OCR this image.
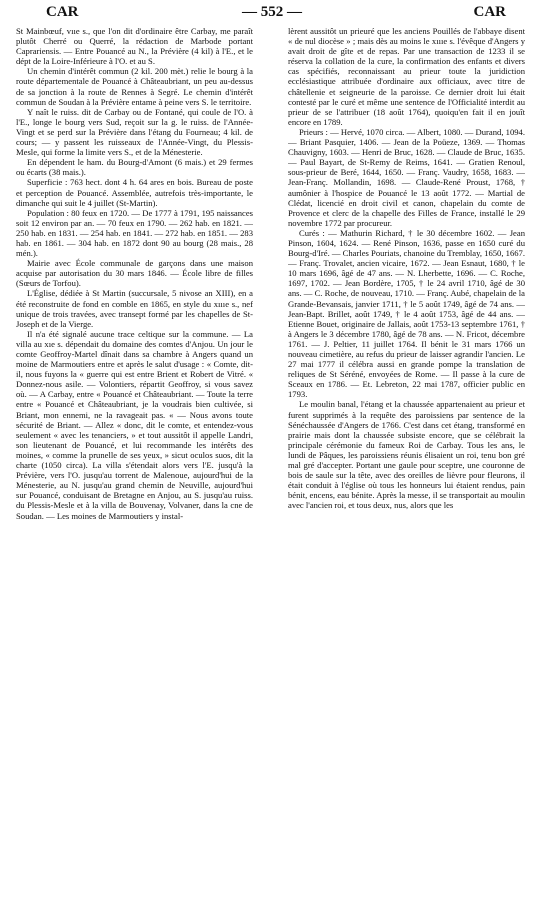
CAR	— 552 —	CAR

St Mainbœuf, vııe s., que l'on dit d'ordinaire être Carbay, me paraît plutôt Cherré ou Querré, la rédaction de Marbode portant Caprariensis. — Entre Pouancé au N., la Prévière (4 kil) à l'E., et le dépt de la Loire-Inférieure à l'O. et au S.

Un chemin d'intérêt commun (2 kil. 200 mèt.) relie le bourg à la route départementale de Pouancé à Châteaubriant, un peu au-dessus de sa jonction à la route de Rennes à Segré. Le chemin d'intérêt commun de Soudan à la Prévière entame à peine vers S. le territoire.

Y naît le ruiss. dit de Carbay ou de Fontané, qui coule de l'O. à l'E., longe le bourg vers Sud, reçoit sur la g. le ruiss. de l'Année-Vingt et se perd sur la Prévière dans l'étang du Fourneau; 4 kil. de cours; — y passent les ruisseaux de l'Année-Vingt, du Plessis-Mesle, qui forme la limite vers S., et de la Ménesterie.

En dépendent le ham. du Bourg-d'Amont (6 mais.) et 29 fermes ou écarts (38 mais.).

Superficie : 763 hect. dont 4 h. 64 ares en bois. Bureau de poste et perception de Pouancé. Assemblée, autrefois très-importante, le dimanche qui suit le 4 juillet (St-Martin).

Population : 80 feux en 1720. — De 1777 à 1791, 195 naissances soit 12 environ par an. — 70 feux en 1790. — 262 hab. en 1821. — 250 hab. en 1831. — 254 hab. en 1841. — 272 hab. en 1851. — 283 hab. en 1861. — 304 hab. en 1872 dont 90 au bourg (28 mais., 28 mén.).

Mairie avec École communale de garçons dans une maison acquise par autorisation du 30 mars 1846. — École libre de filles (Sœurs de Torfou).

L'Église, dédiée à St Martin (succursale, 5 nivose an XIII), en a été reconstruite de fond en comble en 1865, en style du xıııe s., nef unique de trois travées, avec transept formé par les chapelles de St-Joseph et de la Vierge.

Il n'a été signalé aucune trace celtique sur la commune. — La villa au xıe s. dépendait du domaine des comtes d'Anjou. Un jour le comte Geoffroy-Martel dînait dans sa chambre à Angers quand un moine de Marmoutiers entre et après le salut d'usage : « Comte, dit-il, nous fuyons la « guerre qui est entre Brient et Robert de Vitré. « Donnez-nous asile. — Volontiers, répartit Geoffroy, si vous savez où. — A Carbay, entre « Pouancé et Châteaubriant. — Toute la terre entre « Pouancé et Châteaubriant, je la voudrais bien cultivée, si Briant, mon ennemi, ne la ravageait pas. « — Nous avons toute sécurité de Briant. — Allez « donc, dit le comte, et entendez-vous seulement « avec les tenanciers, » et tout aussitôt il appelle Landri, son lieutenant de Pouancé, et lui recommande les intérêts des moines, « comme la prunelle de ses yeux, » sicut oculos suos, dit la charte (1050 circa). La villa s'étendait alors vers l'E. jusqu'à la Prévière, vers l'O. jusqu'au torrent de Malenoue, aujourd'hui de la Ménesterie, au N. jusqu'au grand chemin de Neuville, aujourd'hui sur Pouancé, conduisant de Bretagne en Anjou, au S. jusqu'au ruiss. du Plessis-Mesle et à la villa de Bouvenay, Volvaner, dans la cne de Soudan. — Les moines de Marmoutiers y instal-

lèrent aussitôt un prieuré que les anciens Pouillés de l'abbaye disent « de nul diocèse » ; mais dès au moins le xıııe s. l'évêque d'Angers y avait droit de gîte et de repas. Par une transaction de 1233 il se réserva la collation de la cure, la confirmation des enfants et divers cas spécifiés, reconnaissant au prieur toute la juridiction ecclésiastique attribuée d'ordinaire aux officiaux, avec titre de châtellenie et seigneurie de la paroisse. Ce dernier droit lui était contesté par le curé et même une sentence de l'Officialité interdit au prieur de se l'attribuer (18 août 1764), quoiqu'en fait il en jouît encore en 1789.

Prieurs : — Hervé, 1070 circa. — Albert, 1080. — Durand, 1094. — Briant Pasquier, 1406. — Jean de la Poüeze, 1369. — Thomas Chauvigny, 1603. — Henri de Bruc, 1628. — Claude de Bruc, 1635. — Paul Bayart, de St-Remy de Reims, 1641. — Gratien Renoul, sous-prieur de Beré, 1644, 1650. — Franç. Vaudry, 1658, 1683. — Jean-Franç. Mollandin, 1698. — Claude-René Proust, 1768, † aumônier à l'hospice de Pouancé le 13 août 1772. — Martial de Clédat, licencié en droit civil et canon, chapelain du comte de Provence et clerc de la chapelle des Filles de France, installé le 29 novembre 1772 par procureur.

Curés : — Mathurin Richard, † le 30 décembre 1602. — Jean Pinson, 1604, 1624. — René Pinson, 1636, passe en 1650 curé du Bourg-d'Iré. — Charles Pouriats, chanoine du Tremblay, 1650, 1667. — Franç. Trovalet, ancien vicaire, 1672. — Jean Esnaut, 1680, † le 10 mars 1696, âgé de 47 ans. — N. Lherbette, 1696. — C. Roche, 1697, 1702. — Jean Bordère, 1705, † le 24 avril 1710, âgé de 30 ans. — C. Roche, de nouveau, 1710. — Franç. Aubé, chapelain de la Grande-Bevansais, janvier 1711, † le 5 août 1749, âgé de 74 ans. — Jean-Bapt. Brillet, août 1749, † le 4 août 1753, âgé de 44 ans. — Etienne Bouet, originaire de Jallais, août 1753-13 septembre 1761, † à Angers le 3 décembre 1780, âgé de 78 ans. — N. Fricot, décembre 1761. — J. Peltier, 11 juillet 1764. Il bénit le 31 mars 1766 un nouveau cimetière, au refus du prieur de laisser agrandir l'ancien. Le 27 mai 1777 il célébra aussi en grande pompe la translation de reliques de St Séréné, envoyées de Rome. — Il passe à la cure de Sceaux en 1786. — Et. Lebreton, 22 mai 1787, officier public en 1793.

Le moulin banal, l'étang et la chaussée appartenaient au prieur et furent supprimés à la requête des paroissiens par sentence de la Sénéchaussée d'Angers de 1766. C'est dans cet étang, transformé en prairie mais dont la chaussée subsiste encore, que se célébrait la principale cérémonie du fameux Roi de Carbay. Tous les ans, le lundi de Pâques, les paroissiens réunis élisaient un roi, tenu bon gré mal gré d'accepter. Portant une gaule pour sceptre, une couronne de bois de saule sur la tête, avec des oreilles de lièvre pour fleurons, il était conduit à l'église où tous les honneurs lui étaient rendus, pain bénit, encens, eau bénite. Après la messe, il se transportait au moulin avec l'ancien roi, et tous deux, nus, alors que les
